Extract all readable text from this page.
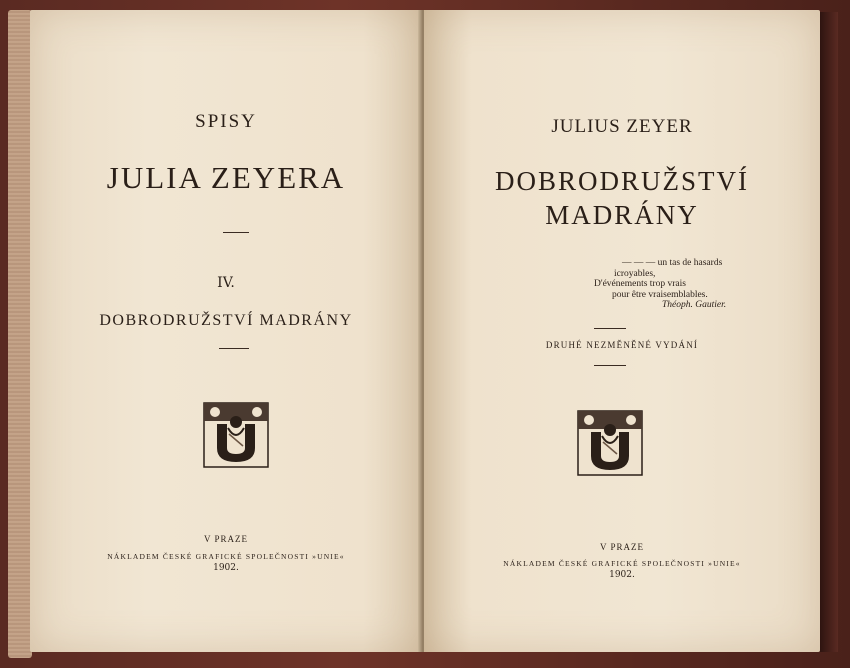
SPISY
JULIA ZEYERA
IV.
DOBRODRUŽSTVÍ MADRÁNY
V PRAZE
NÁKLADEM ČESKÉ GRAFICKÉ SPOLEČNOSTI »UNIE«
1902.
JULIUS ZEYER
DOBRODRUŽSTVÍ
MADRÁNY
— — — un tas de hasards
icroyables,
D'événements trop vrais
pour être vraisemblables.
Théoph. Gautier.
DRUHÉ NEZMĚNĚNÉ VYDÁNÍ
V PRAZE
NÁKLADEM ČESKÉ GRAFICKÉ SPOLEČNOSTI »UNIE«
1902.
